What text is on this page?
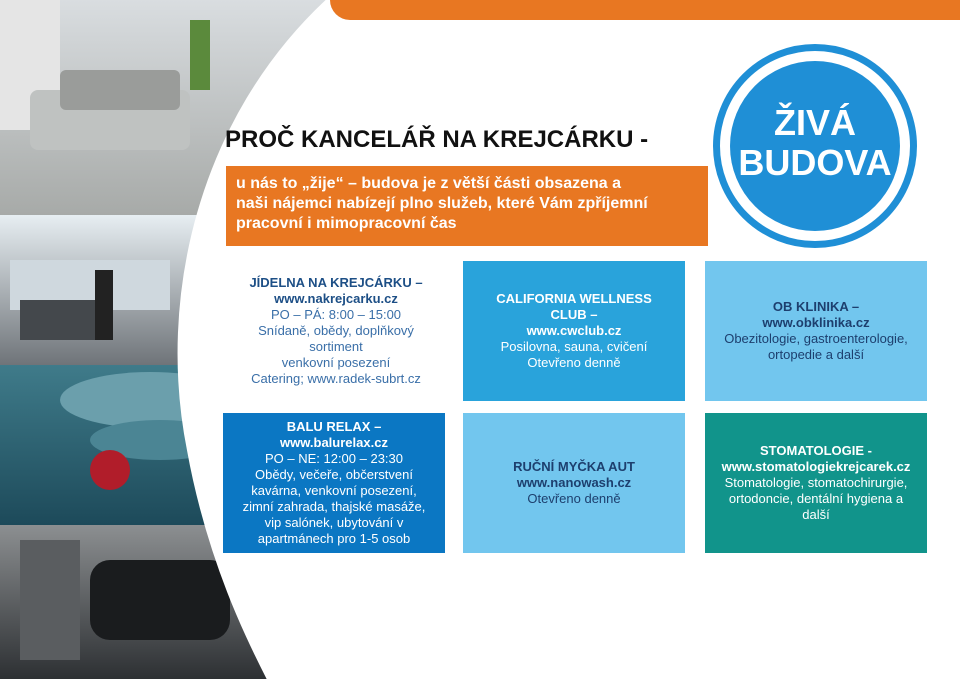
PROČ KANCELÁŘ NA KREJCÁRKU -
u nás to „žije“ – budova je z větší části obsazena a
naši nájemci nabízejí plno služeb, které Vám zpříjemní
pracovní i mimopracovní čas
ŽIVÁ
BUDOVA
JÍDELNA NA KREJCÁRKU –
www.nakrejcarku.cz
PO – PÁ: 8:00 – 15:00
Snídaně, obědy, doplňkový
sortiment
venkovní posezení
Catering; www.radek-subrt.cz
CALIFORNIA WELLNESS
CLUB –
www.cwclub.cz
Posilovna, sauna, cvičení
Otevřeno denně
OB KLINIKA –
www.obklinika.cz
Obezitologie, gastroenterologie,
ortopedie a další
BALU RELAX –
www.balurelax.cz
PO – NE: 12:00 – 23:30
Obědy, večeře, občerstvení
kavárna, venkovní posezení,
zimní zahrada, thajské masáže,
vip salónek, ubytování v
apartmánech pro 1-5 osob
RUČNÍ MYČKA AUT
www.nanowash.cz
Otevřeno denně
STOMATOLOGIE -
www.stomatologiekrejcarek.cz
Stomatologie, stomatochirurgie,
ortodoncie, dentální hygiena a
další
